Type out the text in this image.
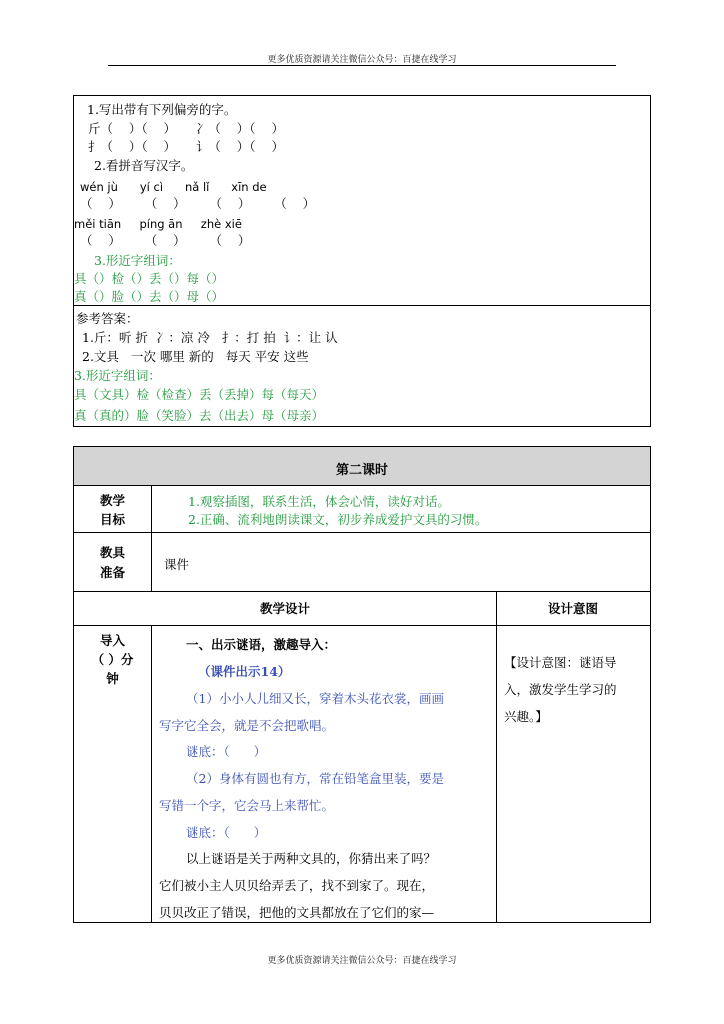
更多优质资源请关注微信公众号：百捷在线学习
1.写出带有下列偏旁的字。
斤（    ）（    ）     冫（    ）（    ）
扌（    ）（    ）     讠（    ）（    ）
2.看拼音写汉字。
wén jù      yí cì      nǎ lǐ      xīn de
（    ）      （    ）      （    ）      （    ）
měi tiān     píng ān     zhè xiē
（    ）      （    ）      （    ）
3.形近字组词：
具（）检（）丢（）每（）
真（）脸（）去（）母（）
参考答案：
1.斤：听 折  冫：凉 冷   扌：打 拍  讠：让 认
2.文具   一次 哪里 新的   每天 平安 这些
3.形近字组词：
具（文具）检（检查）丢（丢掉）每（每天）
真（真的）脸（笑脸）去（出去）母（母亲）
第二课时
教学
目标
1.观察插图，联系生活，体会心情，读好对话。
2.正确、流利地朗读课文，初步养成爱护文具的习惯。
教具
准备
课件
教学设计	设计意图
导入
（ ）分
钟
一、出示谜语，激趣导入：
（课件出示14）
（1）小小人儿细又长，穿着木头花衣裳，画画
写字它全会，就是不会把歌唱。
谜底：（      ）
（2）身体有圆也有方，常在铅笔盒里装，要是
写错一个字，它会马上来帮忙。
谜底：（      ）
以上谜语是关于两种文具的，你猜出来了吗？
它们被小主人贝贝给弄丢了，找不到家了。现在，
贝贝改正了错误，把他的文具都放在了它们的家—
【设计意图：谜语导
入，激发学生学习的
兴趣。】
更多优质资源请关注微信公众号：百捷在线学习
